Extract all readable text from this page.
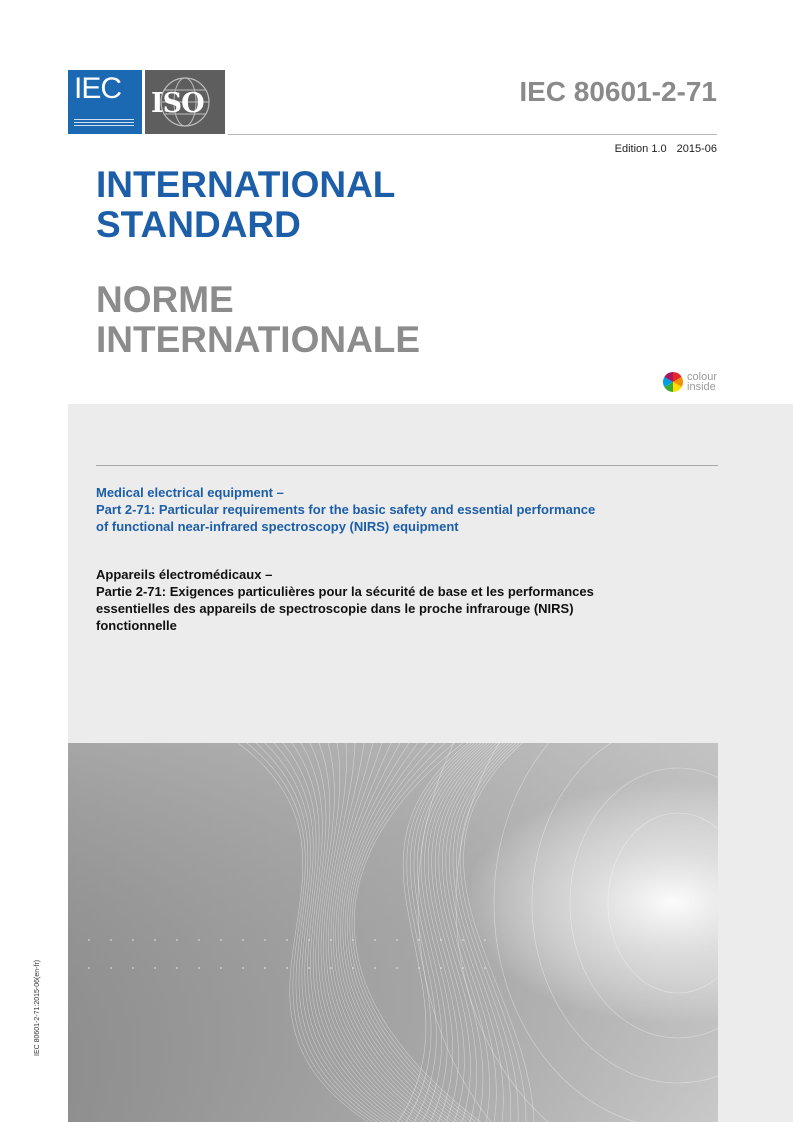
IEC ISO	IEC 80601-2-71
Edition 1.0 2015-06
INTERNATIONAL
STANDARD
NORME
INTERNATIONALE
colour
inside
Medical electrical equipment –
Part 2-71: Particular requirements for the basic safety and essential performance
of functional near-infrared spectroscopy (NIRS) equipment
Appareils électromédicaux –
Partie 2-71: Exigences particulières pour la sécurité de base et les performances
essentielles des appareils de spectroscopie dans le proche infrarouge (NIRS)
fonctionnelle
IEC 80601-2-71:2015-06(en-fr)
